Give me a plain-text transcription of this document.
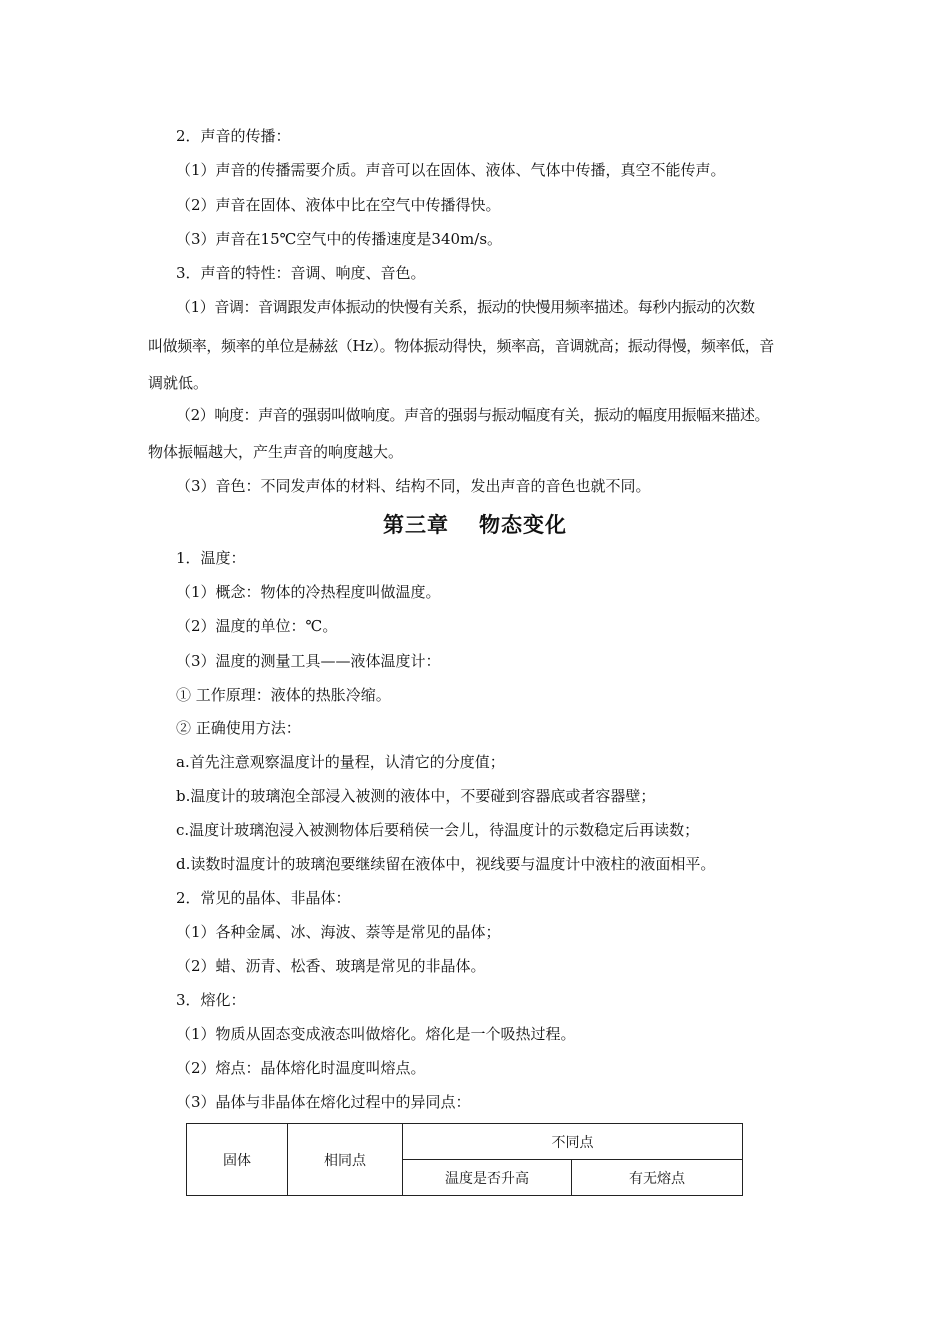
2．声音的传播：
（1）声音的传播需要介质。声音可以在固体、液体、气体中传播，真空不能传声。
（2）声音在固体、液体中比在空气中传播得快。
（3）声音在15℃空气中的传播速度是340m/s。
3．声音的特性：音调、响度、音色。
（1）音调：音调跟发声体振动的快慢有关系，振动的快慢用频率描述。每秒内振动的次数
叫做频率，频率的单位是赫兹（Hz）。物体振动得快，频率高，音调就高；振动得慢，频率低，音
调就低。
（2）响度：声音的强弱叫做响度。声音的强弱与振动幅度有关，振动的幅度用振幅来描述。
物体振幅越大，产生声音的响度越大。
（3）音色：不同发声体的材料、结构不同，发出声音的音色也就不同。
第三章 物态变化
1．温度：
（1）概念：物体的冷热程度叫做温度。
（2）温度的单位：℃。
（3）温度的测量工具——液体温度计：
① 工作原理：液体的热胀冷缩。
② 正确使用方法：
a.首先注意观察温度计的量程，认清它的分度值；
b.温度计的玻璃泡全部浸入被测的液体中，不要碰到容器底或者容器壁；
c.温度计玻璃泡浸入被测物体后要稍侯一会儿，待温度计的示数稳定后再读数；
d.读数时温度计的玻璃泡要继续留在液体中，视线要与温度计中液柱的液面相平。
2．常见的晶体、非晶体：
（1）各种金属、冰、海波、萘等是常见的晶体；
（2）蜡、沥青、松香、玻璃是常见的非晶体。
3．熔化：
（1）物质从固态变成液态叫做熔化。熔化是一个吸热过程。
（2）熔点：晶体熔化时温度叫熔点。
（3）晶体与非晶体在熔化过程中的异同点：
固体	相同点	不同点	
		温度是否升高	有无熔点
